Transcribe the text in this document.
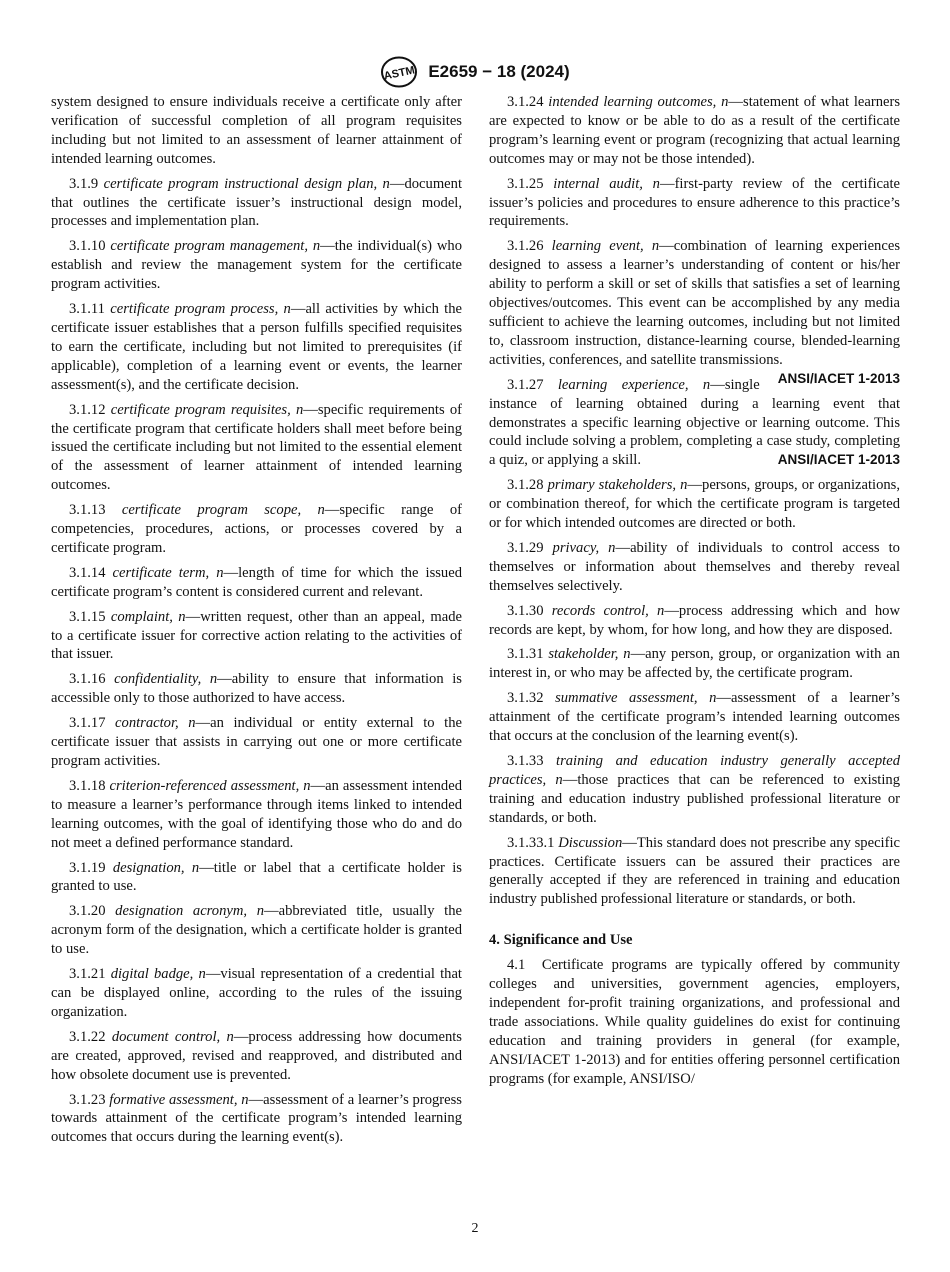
ASTM E2659 − 18 (2024)

system designed to ensure individuals receive a certificate only after verification of successful completion of all program requisites including but not limited to an assessment of learner attainment of intended learning outcomes.

3.1.9 certificate program instructional design plan, n—document that outlines the certificate issuer’s instructional design model, processes and implementation plan.

3.1.10 certificate program management, n—the individual(s) who establish and review the management system for the certificate program activities.

3.1.11 certificate program process, n—all activities by which the certificate issuer establishes that a person fulfills specified requisites to earn the certificate, including but not limited to prerequisites (if applicable), completion of a learning event or events, the learner assessment(s), and the certificate decision.

3.1.12 certificate program requisites, n—specific requirements of the certificate program that certificate holders shall meet before being issued the certificate including but not limited to the essential element of the assessment of learner attainment of intended learning outcomes.

3.1.13 certificate program scope, n—specific range of competencies, procedures, actions, or processes covered by a certificate program.

3.1.14 certificate term, n—length of time for which the issued certificate program’s content is considered current and relevant.

3.1.15 complaint, n—written request, other than an appeal, made to a certificate issuer for corrective action relating to the activities of that issuer.

3.1.16 confidentiality, n—ability to ensure that information is accessible only to those authorized to have access.

3.1.17 contractor, n—an individual or entity external to the certificate issuer that assists in carrying out one or more certificate program activities.

3.1.18 criterion-referenced assessment, n—an assessment intended to measure a learner’s performance through items linked to intended learning outcomes, with the goal of identifying those who do and do not meet a defined performance standard.

3.1.19 designation, n—title or label that a certificate holder is granted to use.

3.1.20 designation acronym, n—abbreviated title, usually the acronym form of the designation, which a certificate holder is granted to use.

3.1.21 digital badge, n—visual representation of a credential that can be displayed online, according to the rules of the issuing organization.

3.1.22 document control, n—process addressing how documents are created, approved, revised and reapproved, and distributed and how obsolete document use is prevented.

3.1.23 formative assessment, n—assessment of a learner’s progress towards attainment of the certificate program’s intended learning outcomes that occurs during the learning event(s).

3.1.24 intended learning outcomes, n—statement of what learners are expected to know or be able to do as a result of the certificate program’s learning event or program (recognizing that actual learning outcomes may or may not be those intended).

3.1.25 internal audit, n—first-party review of the certificate issuer’s policies and procedures to ensure adherence to this practice’s requirements.

3.1.26 learning event, n—combination of learning experiences designed to assess a learner’s understanding of content or his/her ability to perform a skill or set of skills that satisfies a set of learning objectives/outcomes. This event can be accomplished by any media sufficient to achieve the learning outcomes, including but not limited to, classroom instruction, distance-learning course, blended-learning activities, conferences, and satellite transmissions.
ANSI/IACET 1-2013

3.1.27 learning experience, n—single instance of learning obtained during a learning event that demonstrates a specific learning objective or learning outcome. This could include solving a problem, completing a case study, completing a quiz, or applying a skill.	ANSI/IACET 1-2013

3.1.28 primary stakeholders, n—persons, groups, or organizations, or combination thereof, for which the certificate program is targeted or for which intended outcomes are directed or both.

3.1.29 privacy, n—ability of individuals to control access to themselves or information about themselves and thereby reveal themselves selectively.

3.1.30 records control, n—process addressing which and how records are kept, by whom, for how long, and how they are disposed.

3.1.31 stakeholder, n—any person, group, or organization with an interest in, or who may be affected by, the certificate program.

3.1.32 summative assessment, n—assessment of a learner’s attainment of the certificate program’s intended learning outcomes that occurs at the conclusion of the learning event(s).

3.1.33 training and education industry generally accepted practices, n—those practices that can be referenced to existing training and education industry published professional literature or standards, or both.

3.1.33.1 Discussion—This standard does not prescribe any specific practices. Certificate issuers can be assured their practices are generally accepted if they are referenced in training and education industry published professional literature or standards, or both.

4. Significance and Use

4.1 Certificate programs are typically offered by community colleges and universities, government agencies, employers, independent for-profit training organizations, and professional and trade associations. While quality guidelines do exist for continuing education and training providers in general (for example, ANSI/IACET 1-2013) and for entities offering personnel certification programs (for example, ANSI/ISO/

2
